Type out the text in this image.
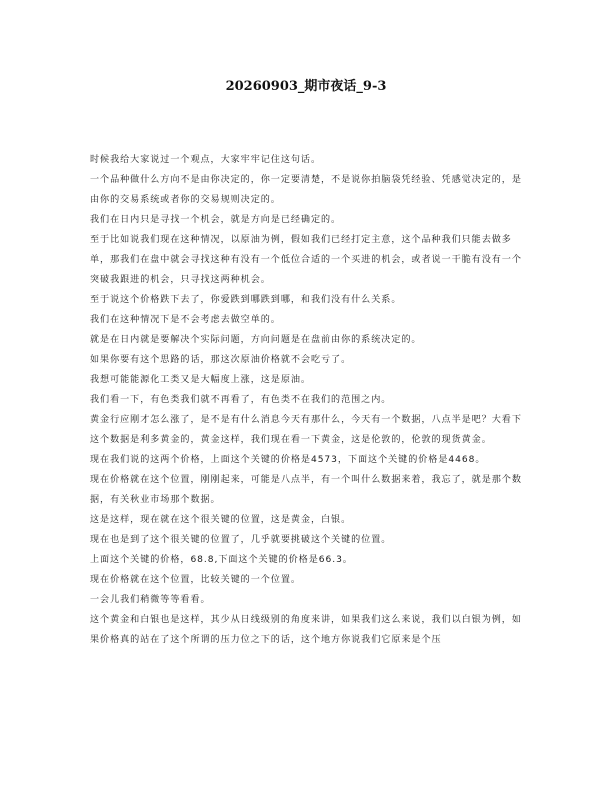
20260903_期市夜话_9-3

时候我给大家说过一个观点，大家牢牢记住这句话。

一个品种做什么方向不是由你决定的，你一定要清楚，不是说你拍脑袋凭经验、凭感觉决定的，是由你的交易系统或者你的交易规则决定的。

我们在日内只是寻找一个机会，就是方向是已经确定的。

至于比如说我们现在这种情况，以原油为例，假如我们已经打定主意，这个品种我们只能去做多单，那我们在盘中就会寻找这种有没有一个低位合适的一个买进的机会，或者说一干脆有没有一个突破我跟进的机会，只寻找这两种机会。

至于说这个价格跌下去了，你爱跌到哪跌到哪，和我们没有什么关系。

我们在这种情况下是不会考虑去做空单的。

就是在日内就是要解决个实际问题，方向问题是在盘前由你的系统决定的。

如果你要有这个思路的话，那这次原油价格就不会吃亏了。

我想可能能源化工类又是大幅度上涨，这是原油。

我们看一下，有色类我们就不再看了，有色类不在我们的范围之内。

黄金行应刚才怎么涨了，是不是有什么消息今天有那什么，今天有一个数据，八点半是吧？大看下这个数据是利多黄金的，黄金这样，我们现在看一下黄金，这是伦敦的，伦敦的现货黄金。

现在我们说的这两个价格，上面这个关键的价格是4573，下面这个关键的价格是4468。

现在价格就在这个位置，刚刚起来，可能是八点半，有一个叫什么数据来着，我忘了，就是那个数据，有关秋业市场那个数据。

这是这样，现在就在这个很关键的位置，这是黄金，白银。

现在也是到了这个很关键的位置了，几乎就要挑破这个关键的位置。

上面这个关键的价格，68.8,下面这个关键的价格是66.3。

现在价格就在这个位置，比较关键的一个位置。

一会儿我们稍微等等看看。

这个黄金和白银也是这样，其少从日线级别的角度来讲，如果我们这么来说，我们以白银为例，如果价格真的站在了这个所谓的压力位之下的话，这个地方你说我们它原来是个压
